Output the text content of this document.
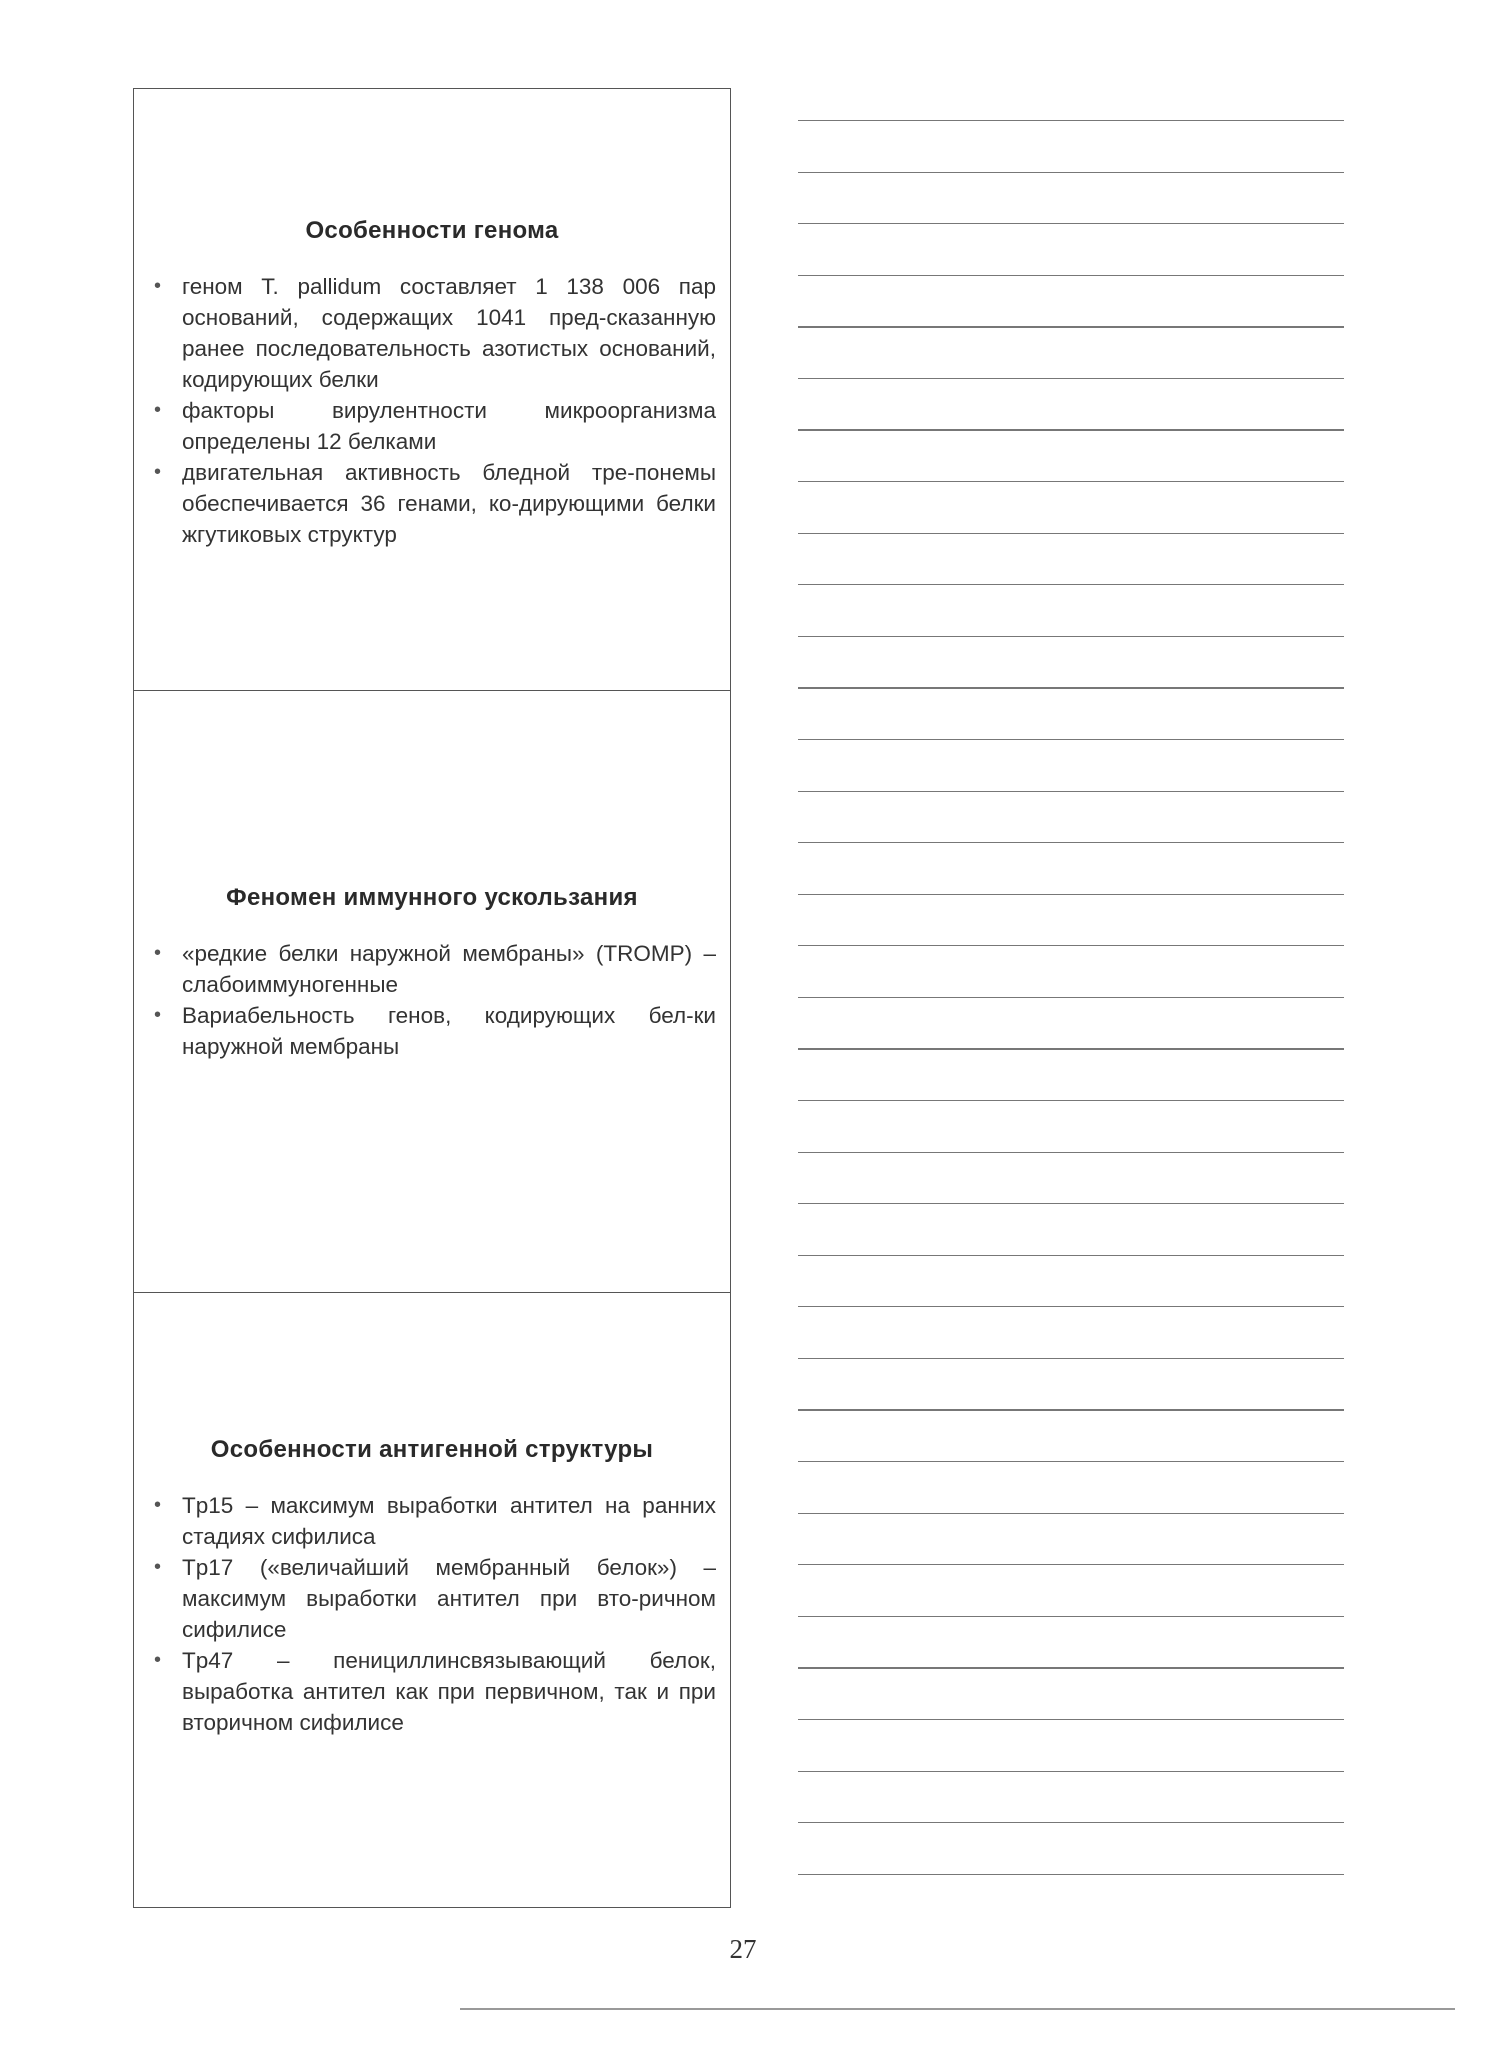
Особенности генома
• геном T. pallidum составляет 1 138 006 пар оснований, содержащих 1041 пред-сказанную ранее последовательность азотистых оснований, кодирующих белки
• факторы вирулентности микроорганизма определены 12 белками
• двигательная активность бледной тре-понемы обеспечивается 36 генами, ко-дирующими белки жгутиковых структур
Феномен иммунного ускользания
• «редкие белки наружной мембраны» (TROMP) – слабоиммуногенные
• Вариабельность генов, кодирующих бел-ки наружной мембраны
Особенности антигенной структуры
• Tp15 – максимум выработки антител на ранних стадиях сифилиса
• Tp17 («величайший мембранный белок») – максимум выработки антител при вто-ричном сифилисе
• Tp47 – пенициллинсвязывающий белок, выработка антител как при первичном, так и при вторичном сифилисе
27
